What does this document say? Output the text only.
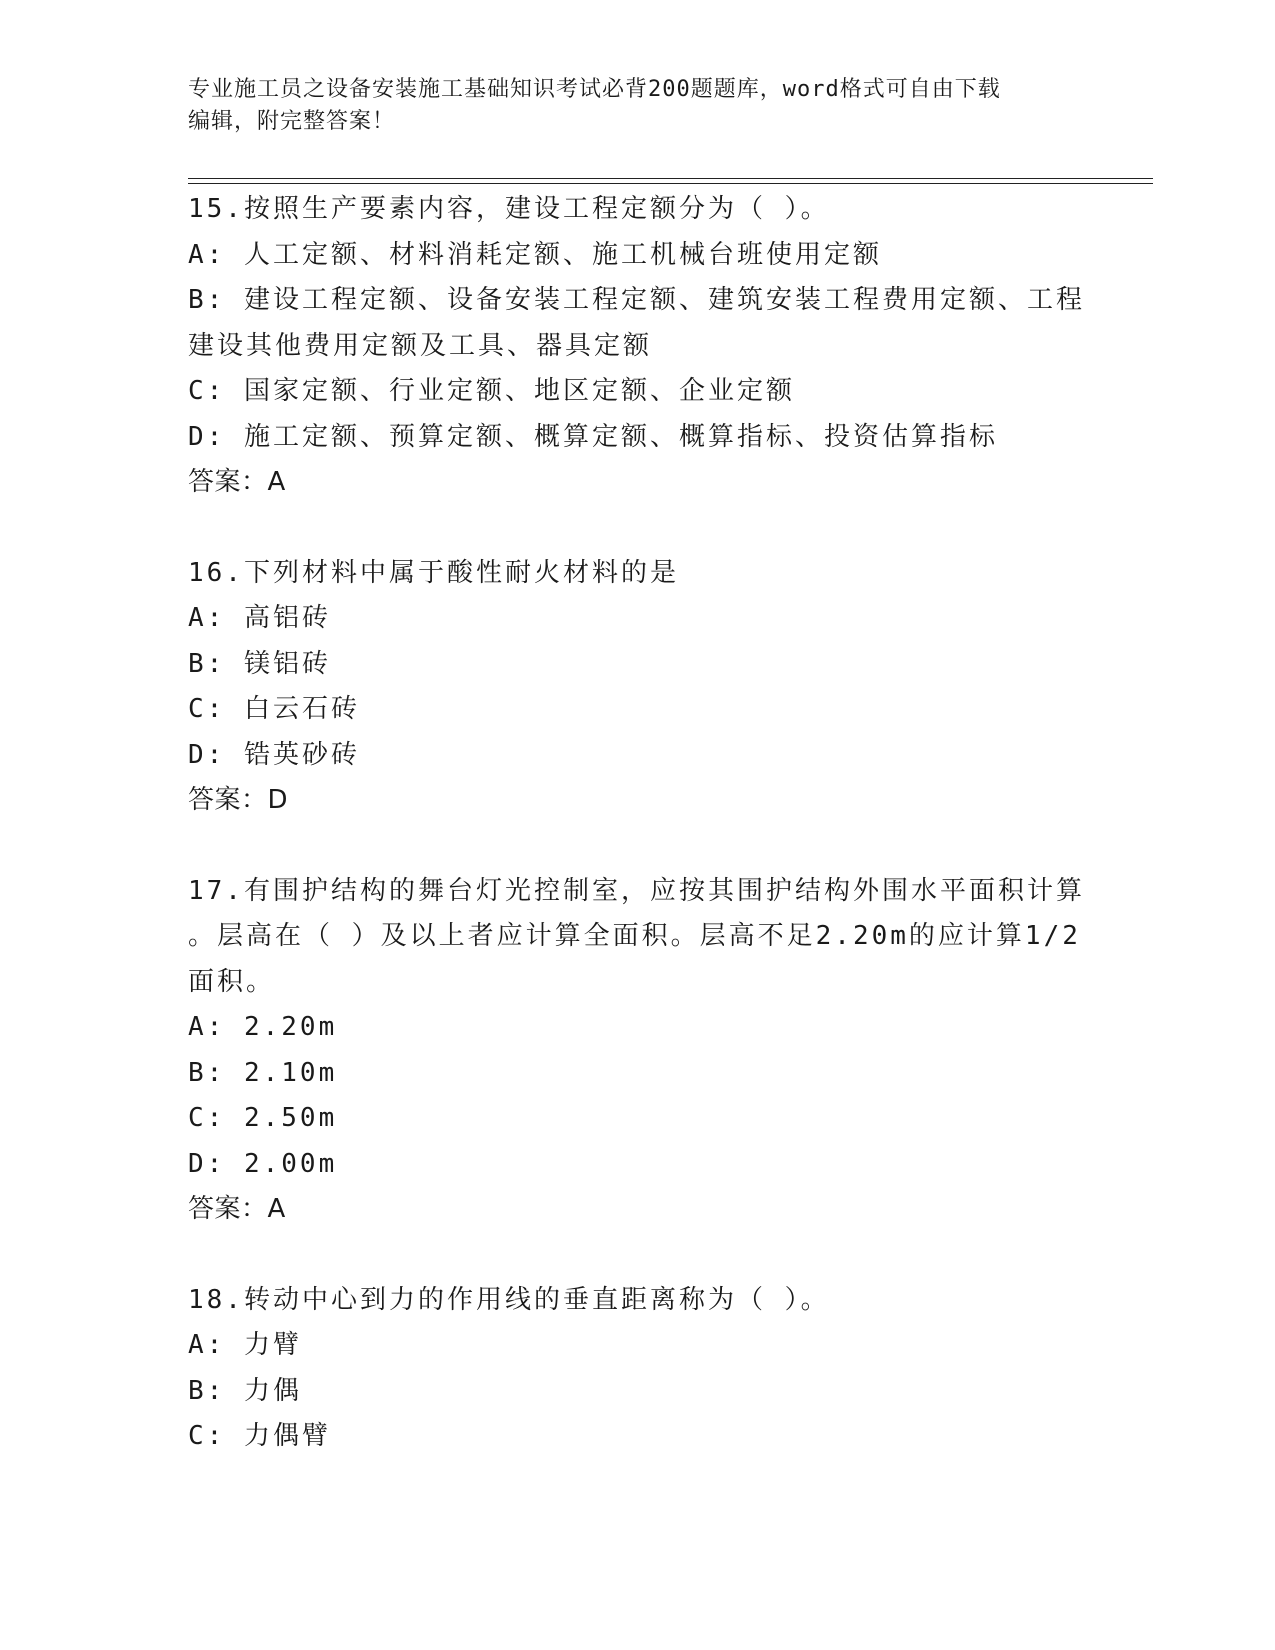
专业施工员之设备安装施工基础知识考试必背200题题库，word格式可自由下载
编辑，附完整答案！
15.按照生产要素内容，建设工程定额分为（ ）。
A: 人工定额、材料消耗定额、施工机械台班使用定额
B: 建设工程定额、设备安装工程定额、建筑安装工程费用定额、工程
建设其他费用定额及工具、器具定额
C: 国家定额、行业定额、地区定额、企业定额
D: 施工定额、预算定额、概算定额、概算指标、投资估算指标
答案：A
16.下列材料中属于酸性耐火材料的是
A: 高铝砖
B: 镁铝砖
C: 白云石砖
D: 锆英砂砖
答案：D
17.有围护结构的舞台灯光控制室，应按其围护结构外围水平面积计算
。层高在（ ）及以上者应计算全面积。层高不足2.20m的应计算1/2
面积。
A: 2.20m
B: 2.10m
C: 2.50m
D: 2.00m
答案：A
18.转动中心到力的作用线的垂直距离称为（ ）。
A: 力臂
B: 力偶
C: 力偶臂
